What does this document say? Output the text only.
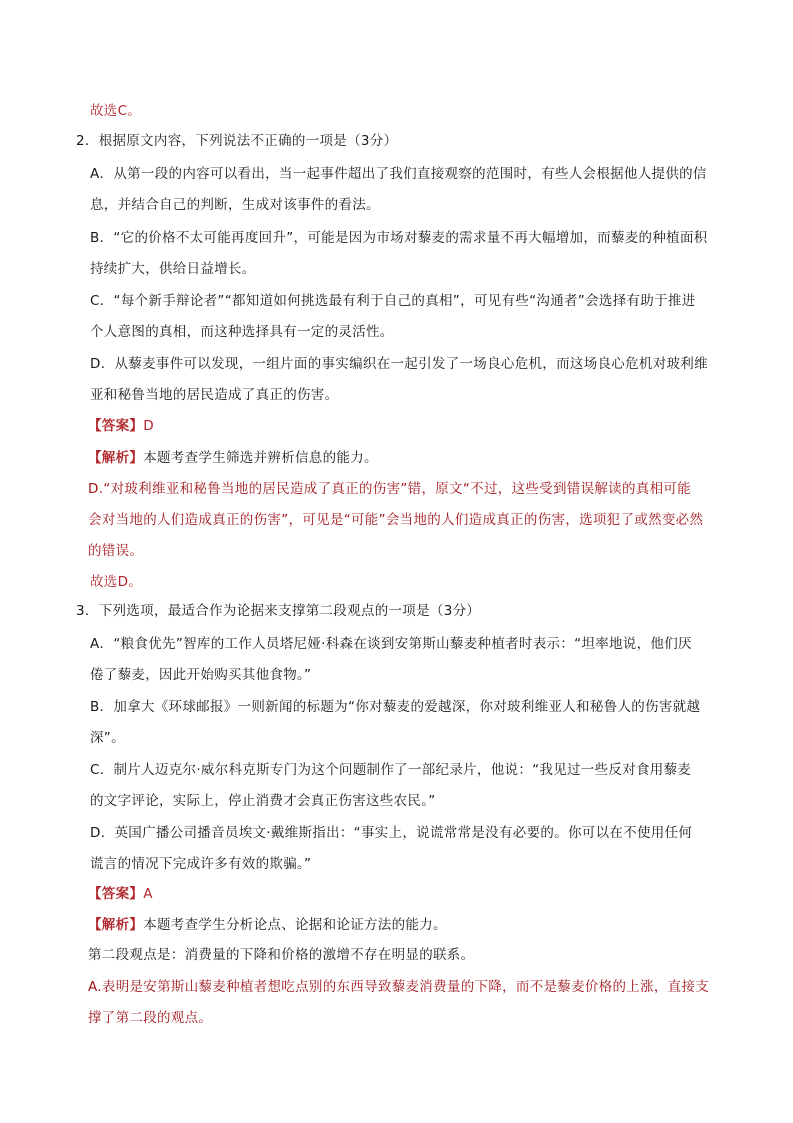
故选C。
2．根据原文内容，下列说法不正确的一项是（3分）
A．从第一段的内容可以看出，当一起事件超出了我们直接观察的范围时，有些人会根据他人提供的信
息，并结合自己的判断，生成对该事件的看法。
B．“它的价格不太可能再度回升”，可能是因为市场对藜麦的需求量不再大幅增加，而藜麦的种植面积
持续扩大，供给日益增长。
C．“每个新手辩论者”“都知道如何挑选最有利于自己的真相”，可见有些“沟通者”会选择有助于推进
个人意图的真相，而这种选择具有一定的灵活性。
D．从藜麦事件可以发现，一组片面的事实编织在一起引发了一场良心危机，而这场良心危机对玻利维
亚和秘鲁当地的居民造成了真正的伤害。
【答案】D
【解析】本题考查学生筛选并辨析信息的能力。
D.“对玻利维亚和秘鲁当地的居民造成了真正的伤害”错，原文“不过，这些受到错误解读的真相可能
会对当地的人们造成真正的伤害”，可见是“可能”会当地的人们造成真正的伤害，选项犯了或然变必然
的错误。
故选D。
3．下列选项，最适合作为论据来支撑第二段观点的一项是（3分）
A．“粮食优先”智库的工作人员塔尼娅·科森在谈到安第斯山藜麦种植者时表示：“坦率地说，他们厌
倦了藜麦，因此开始购买其他食物。”
B．加拿大《环球邮报》一则新闻的标题为“你对藜麦的爱越深，你对玻利维亚人和秘鲁人的伤害就越
深”。
C．制片人迈克尔·威尔科克斯专门为这个问题制作了一部纪录片，他说：“我见过一些反对食用藜麦
的文字评论，实际上，停止消费才会真正伤害这些农民。”
D．英国广播公司播音员埃文·戴维斯指出：“事实上，说谎常常是没有必要的。你可以在不使用任何
谎言的情况下完成许多有效的欺骗。”
【答案】A
【解析】本题考查学生分析论点、论据和论证方法的能力。
第二段观点是：消费量的下降和价格的激增不存在明显的联系。
A.表明是安第斯山藜麦种植者想吃点别的东西导致藜麦消费量的下降，而不是藜麦价格的上涨，直接支
撑了第二段的观点。
